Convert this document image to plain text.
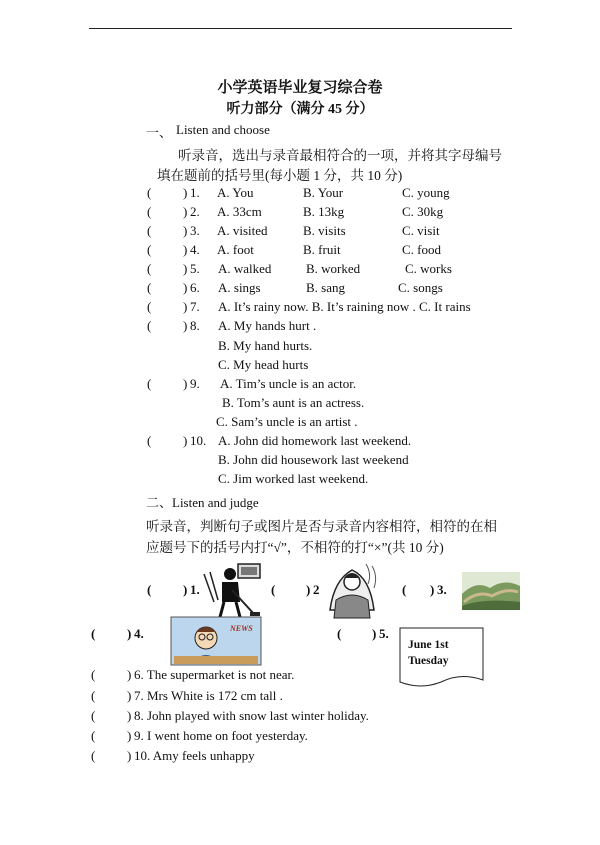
小学英语毕业复习综合卷
听力部分（满分 45 分）
一、 Listen and choose
听录音，选出与录音最相符合的一项，并将其字母编号
填在题前的括号里(每小题 1 分，共 10 分)
( ) 1. A. You	B. Your	C. young
( ) 2. A. 33cm	B. 13kg	C. 30kg
( ) 3. A. visited	B. visits	C. visit
( ) 4. A. foot	B. fruit	C. food
( ) 5. A. walked	B. worked	C. works
( ) 6. A. sings	B. sang	C. songs
( ) 7. A. It’s rainy now. B. It’s raining now . C. It rains
( ) 8. A. My hands hurt .
B. My hand hurts.
C. My head hurts
( ) 9. A. Tim’s uncle is an actor.
B. Tom’s aunt is an actress.
C. Sam’s uncle is an artist .
( ) 10. A. John did homework last weekend.
B. John did housework last weekend
C. Jim worked last weekend.
二、Listen and judge
听录音，判断句子或图片是否与录音内容相符，相符的在相
应题号下的括号内打“√”，不相符的打“×”(共 10 分)
( ) 1.	( ) 2	( ) 3.
( ) 4.	( ) 5.
NEWS
June 1st
Tuesday
( ) 6. The supermarket is not near.
( ) 7. Mrs White is 172 cm tall .
( ) 8. John played with snow last winter holiday.
( ) 9. I went home on foot yesterday.
( ) 10. Amy feels unhappy
